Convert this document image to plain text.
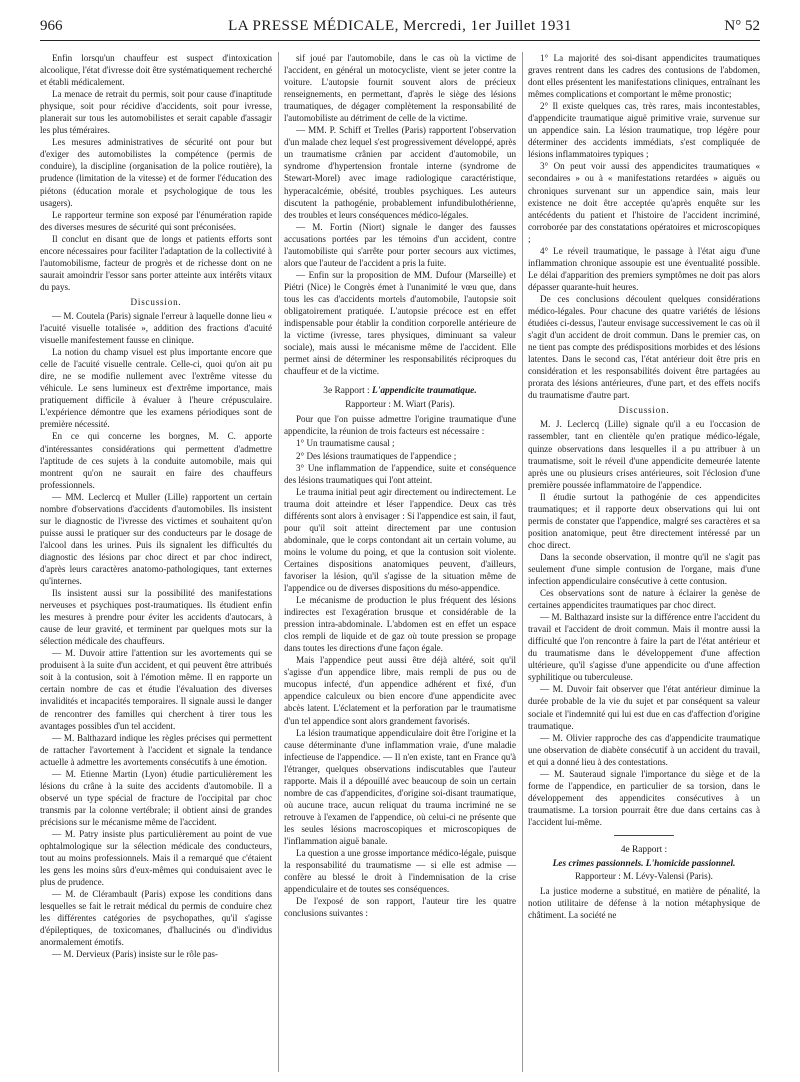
966	LA PRESSE MÉDICALE, Mercredi, 1er Juillet 1931	N° 52

Enfin lorsqu'un chauffeur est suspect d'intoxication alcoolique, l'état d'ivresse doit être systématiquement recherché et établi médicalement.

La menace de retrait du permis, soit pour cause d'inaptitude physique, soit pour récidive d'accidents, soit pour ivresse, planerait sur tous les automobilistes et serait capable d'assagir les plus téméraires.

Les mesures administratives de sécurité ont pour but d'exiger des automobilistes la compétence (permis de conduire), la discipline (organisation de la police routière), la prudence (limitation de la vitesse) et de former l'éducation des piétons (éducation morale et psychologique de tous les usagers).

Le rapporteur termine son exposé par l'énumération rapide des diverses mesures de sécurité qui sont préconisées.

Il conclut en disant que de longs et patients efforts sont encore nécessaires pour faciliter l'adaptation de la collectivité à l'automobilisme, facteur de progrès et de richesse dont on ne saurait amoindrir l'essor sans porter atteinte aux intérêts vitaux du pays.

Discussion.

— M. Coutela (Paris) signale l'erreur à laquelle donne lieu « l'acuité visuelle totalisée », addition des fractions d'acuité visuelle manifestement fausse en clinique.

La notion du champ visuel est plus importante encore que celle de l'acuité visuelle centrale. Celle-ci, quoi qu'on ait pu dire, ne se modifie nullement avec l'extrême vitesse du véhicule. Le sens lumineux est d'extrême importance, mais pratiquement difficile à évaluer à l'heure crépusculaire. L'expérience démontre que les examens périodiques sont de première nécessité.

En ce qui concerne les borgnes, M. C. apporte d'intéressantes considérations qui permettent d'admettre l'aptitude de ces sujets à la conduite automobile, mais qui montrent qu'on ne saurait en faire des chauffeurs professionnels.

— MM. Leclercq et Muller (Lille) rapportent un certain nombre d'observations d'accidents d'automobiles. Ils insistent sur le diagnostic de l'ivresse des victimes et souhaitent qu'on puisse aussi le pratiquer sur des conducteurs par le dosage de l'alcool dans les urines. Puis ils signalent les difficultés du diagnostic des lésions par choc direct et par choc indirect, d'après leurs caractères anatomo-pathologiques, tant externes qu'internes.

Ils insistent aussi sur la possibilité des manifestations nerveuses et psychiques post-traumatiques. Ils étudient enfin les mesures à prendre pour éviter les accidents d'autocars, à cause de leur gravité, et terminent par quelques mots sur la sélection médicale des chauffeurs.

— M. Duvoir attire l'attention sur les avortements qui se produisent à la suite d'un accident, et qui peuvent être attribués soit à la contusion, soit à l'émotion même. Il en rapporte un certain nombre de cas et étudie l'évaluation des diverses invalidités et incapacités temporaires. Il signale aussi le danger de rencontrer des familles qui cherchent à tirer tous les avantages possibles d'un tel accident.

— M. Balthazard indique les règles précises qui permettent de rattacher l'avortement à l'accident et signale la tendance actuelle à admettre les avortements consécutifs à une émotion.

— M. Etienne Martin (Lyon) étudie particulièrement les lésions du crâne à la suite des accidents d'automobile. Il a observé un type spécial de fracture de l'occipital par choc transmis par la colonne vertébrale; il obtient ainsi de grandes précisions sur le mécanisme même de l'accident.

— M. Patry insiste plus particulièrement au point de vue ophtalmologique sur la sélection médicale des conducteurs, tout au moins professionnels. Mais il a remarqué que c'étaient les gens les moins sûrs d'eux-mêmes qui conduisaient avec le plus de prudence.

— M. de Clérambault (Paris) expose les conditions dans lesquelles se fait le retrait médical du permis de conduire chez les différentes catégories de psychopathes, qu'il s'agisse d'épileptiques, de toxicomanes, d'hallucinés ou d'individus anormalement émotifs.

— M. Dervieux (Paris) insiste sur le rôle pas-

sif joué par l'automobile, dans le cas où la victime de l'accident, en général un motocycliste, vient se jeter contre la voiture. L'autopsie fournit souvent alors de précieux renseignements, en permettant, d'après le siège des lésions traumatiques, de dégager complètement la responsabilité de l'automobiliste au détriment de celle de la victime.

— MM. P. Schiff et Trelles (Paris) rapportent l'observation d'un malade chez lequel s'est progressivement développé, après un traumatisme crânien par accident d'automobile, un syndrome d'hypertension frontale interne (syndrome de Stewart-Morel) avec image radiologique caractéristique, hyperacalcémie, obésité, troubles psychiques. Les auteurs discutent la pathogénie, probablement infundibulothérienne, des troubles et leurs conséquences médico-légales.

— M. Fortin (Niort) signale le danger des fausses accusations portées par les témoins d'un accident, contre l'automobiliste qui s'arrête pour porter secours aux victimes, alors que l'auteur de l'accident a pris la fuite.

— Enfin sur la proposition de MM. Dufour (Marseille) et Piétri (Nice) le Congrès émet à l'unanimité le vœu que, dans tous les cas d'accidents mortels d'automobile, l'autopsie soit obligatoirement pratiquée. L'autopsie précoce est en effet indispensable pour établir la condition corporelle antérieure de la victime (ivresse, tares physiques, diminuant sa valeur sociale), mais aussi le mécanisme même de l'accident. Elle permet ainsi de déterminer les responsabilités réciproques du chauffeur et de la victime.

3e Rapport : L'appendicite traumatique.
Rapporteur : M. Wiart (Paris).

Pour que l'on puisse admettre l'origine traumatique d'une appendicite, la réunion de trois facteurs est nécessaire :

1° Un traumatisme causal ;

2° Des lésions traumatiques de l'appendice ;

3° Une inflammation de l'appendice, suite et conséquence des lésions traumatiques qui l'ont atteint.

Le trauma initial peut agir directement ou indirectement. Le trauma doit atteindre et léser l'appendice. Deux cas très différents sont alors à envisager : Si l'appendice est sain, il faut, pour qu'il soit atteint directement par une contusion abdominale, que le corps contondant ait un certain volume, au moins le volume du poing, et que la contusion soit violente. Certaines dispositions anatomiques peuvent, d'ailleurs, favoriser la lésion, qu'il s'agisse de la situation même de l'appendice ou de diverses dispositions du méso-appendice.

Le mécanisme de production le plus fréquent des lésions indirectes est l'exagération brusque et considérable de la pression intra-abdominale. L'abdomen est en effet un espace clos rempli de liquide et de gaz où toute pression se propage dans toutes les directions d'une façon égale.

Mais l'appendice peut aussi être déjà altéré, soit qu'il s'agisse d'un appendice libre, mais rempli de pus ou de mucopus infecté, d'un appendice adhérent et fixé, d'un appendice calculeux ou bien encore d'une appendicite avec abcès latent. L'éclatement et la perforation par le traumatisme d'un tel appendice sont alors grandement favorisés.

La lésion traumatique appendiculaire doit être l'origine et la cause déterminante d'une inflammation vraie, d'une maladie infectieuse de l'appendice. — Il n'en existe, tant en France qu'à l'étranger, quelques observations indiscutables que l'auteur rapporte. Mais il a dépouillé avec beaucoup de soin un certain nombre de cas d'appendicites, d'origine soi-disant traumatique, où aucune trace, aucun reliquat du trauma incriminé ne se retrouve à l'examen de l'appendice, où celui-ci ne présente que les seules lésions macroscopiques et microscopiques de l'inflammation aiguë banale.

La question a une grosse importance médico-légale, puisque la responsabilité du traumatisme — si elle est admise — confère au blessé le droit à l'indemnisation de la crise appendiculaire et de toutes ses conséquences.

De l'exposé de son rapport, l'auteur tire les quatre conclusions suivantes :

1° La majorité des soi-disant appendicites traumatiques graves rentrent dans les cadres des contusions de l'abdomen, dont elles présentent les manifestations cliniques, entraînant les mêmes complications et comportant le même pronostic;

2° Il existe quelques cas, très rares, mais incontestables, d'appendicite traumatique aiguë primitive vraie, survenue sur un appendice sain. La lésion traumatique, trop légère pour déterminer des accidents immédiats, s'est compliquée de lésions inflammatoires typiques ;

3° On peut voir aussi des appendicites traumatiques « secondaires » ou à « manifestations retardées » aiguës ou chroniques survenant sur un appendice sain, mais leur existence ne doit être acceptée qu'après enquête sur les antécédents du patient et l'histoire de l'accident incriminé, corroborée par des constatations opératoires et microscopiques ;

4° Le réveil traumatique, le passage à l'état aigu d'une inflammation chronique assoupie est une éventualité possible. Le délai d'apparition des premiers symptômes ne doit pas alors dépasser quarante-huit heures.

De ces conclusions découlent quelques considérations médico-légales. Pour chacune des quatre variétés de lésions étudiées ci-dessus, l'auteur envisage successivement le cas où il s'agit d'un accident de droit commun. Dans le premier cas, on ne tient pas compte des prédispositions morbides et des lésions latentes. Dans le second cas, l'état antérieur doit être pris en considération et les responsabilités doivent être partagées au prorata des lésions antérieures, d'une part, et des effets nocifs du traumatisme d'autre part.

Discussion.

M. J. Leclercq (Lille) signale qu'il a eu l'occasion de rassembler, tant en clientèle qu'en pratique médico-légale, quinze observations dans lesquelles il a pu attribuer à un traumatisme, soit le réveil d'une appendicite demeurée latente après une ou plusieurs crises antérieures, soit l'éclosion d'une première poussée inflammatoire de l'appendice.

Il étudie surtout la pathogénie de ces appendicites traumatiques; et il rapporte deux observations qui lui ont permis de constater que l'appendice, malgré ses caractères et sa position anatomique, peut être directement intéressé par un choc direct.

Dans la seconde observation, il montre qu'il ne s'agit pas seulement d'une simple contusion de l'organe, mais d'une infection appendiculaire consécutive à cette contusion.

Ces observations sont de nature à éclairer la genèse de certaines appendicites traumatiques par choc direct.

— M. Balthazard insiste sur la différence entre l'accident du travail et l'accident de droit commun. Mais il montre aussi la difficulté que l'on rencontre à faire la part de l'état antérieur et du traumatisme dans le développement d'une affection ultérieure, qu'il s'agisse d'une appendicite ou d'une affection syphilitique ou tuberculeuse.

— M. Duvoir fait observer que l'état antérieur diminue la durée probable de la vie du sujet et par conséquent sa valeur sociale et l'indemnité qui lui est due en cas d'affection d'origine traumatique.

— M. Olivier rapproche des cas d'appendicite traumatique une observation de diabète consécutif à un accident du travail, et qui a donné lieu à des contestations.

— M. Sauteraud signale l'importance du siège et de la forme de l'appendice, en particulier de sa torsion, dans le développement des appendicites consécutives à un traumatisme. La torsion pourrait être due dans certains cas à l'accident lui-même.

4e Rapport :
Les crimes passionnels. L'homicide passionnel.
Rapporteur : M. Lévy-Valensi (Paris).

La justice moderne a substitué, en matière de pénalité, la notion utilitaire de défense à la notion métaphysique de châtiment. La société ne
